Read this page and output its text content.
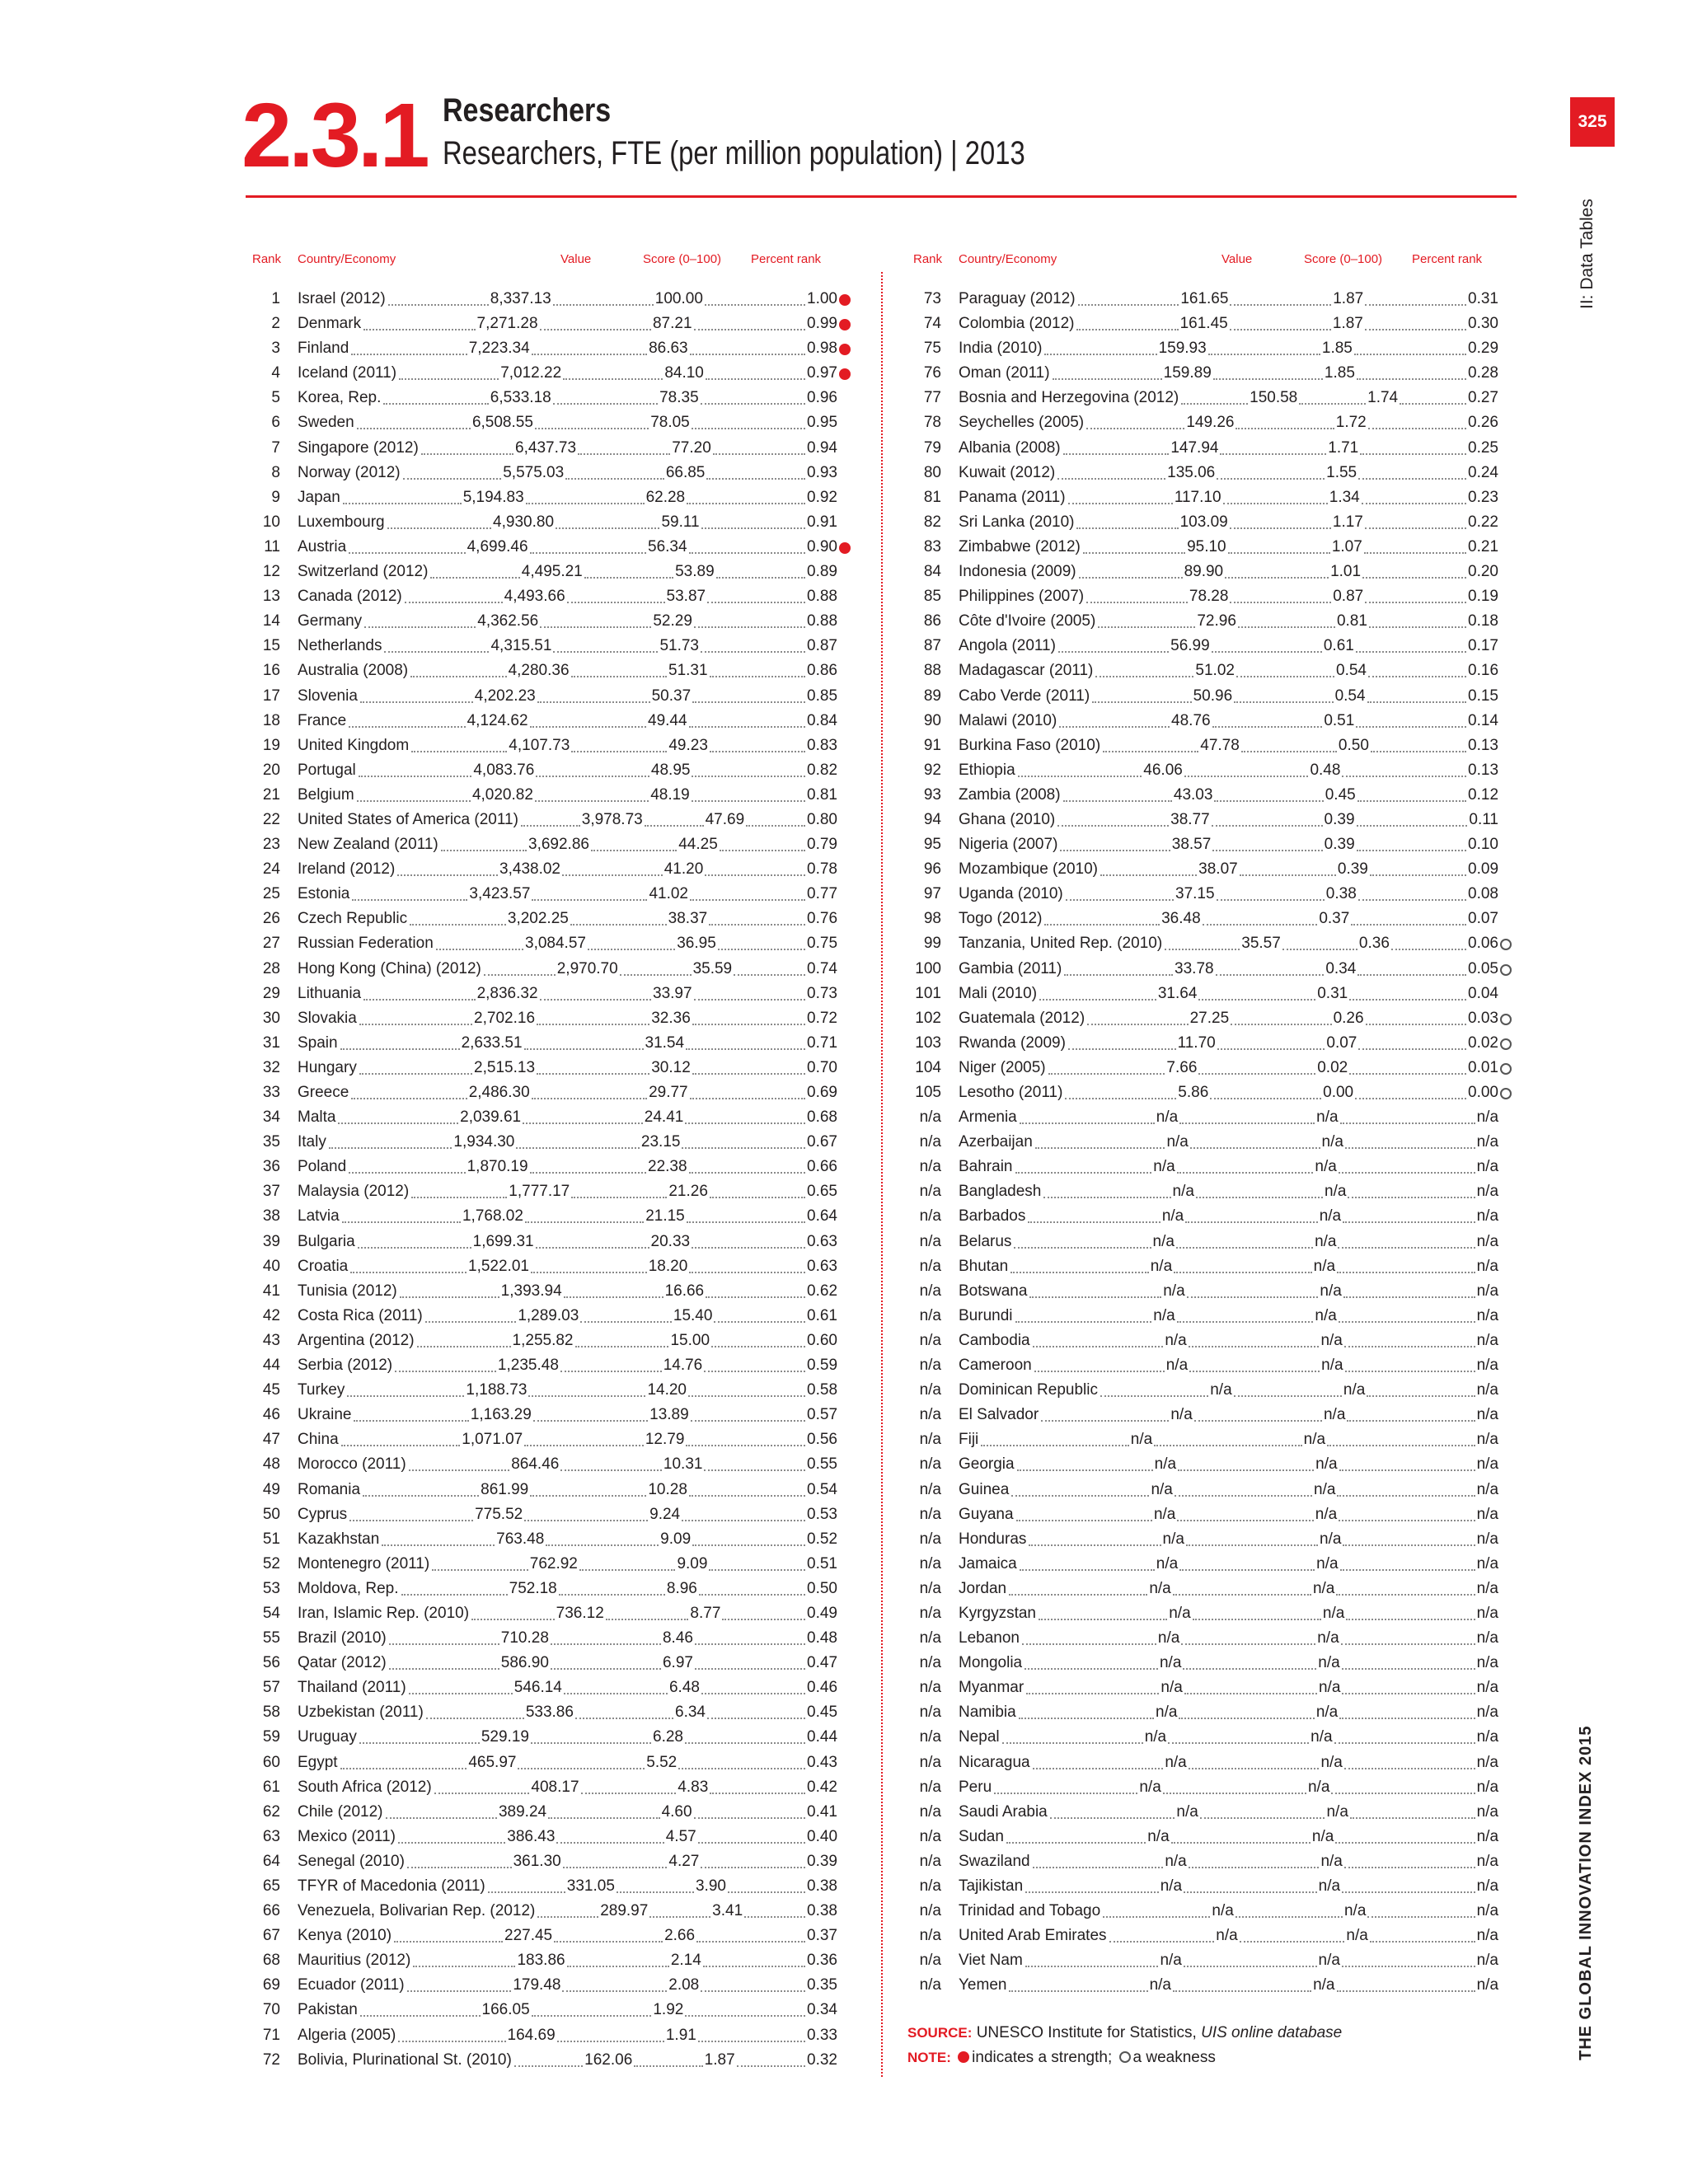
2.3.1 Researchers
Researchers, FTE (per million population) | 2013
325
II: Data Tables
THE GLOBAL INNOVATION INDEX 2015
Rank Country/Economy	Value	Score (0–100) Percent rank
1 Israel (2012)	8,337.13	100.00	1.00
2 Denmark	7,271.28	87.21	0.99
3 Finland	7,223.34	86.63	0.98
4 Iceland (2011)	7,012.22	84.10	0.97
5 Korea, Rep.	6,533.18	78.35	0.96
6 Sweden	6,508.55	78.05	0.95
7 Singapore (2012)	6,437.73	77.20	0.94
8 Norway (2012)	5,575.03	66.85	0.93
9 Japan	5,194.83	62.28	0.92
10 Luxembourg	4,930.80	59.11	0.91
11 Austria	4,699.46	56.34	0.90
12 Switzerland (2012)	4,495.21	53.89	0.89
13 Canada (2012)	4,493.66	53.87	0.88
14 Germany	4,362.56	52.29	0.88
15 Netherlands	4,315.51	51.73	0.87
16 Australia (2008)	4,280.36	51.31	0.86
17 Slovenia	4,202.23	50.37	0.85
18 France	4,124.62	49.44	0.84
19 United Kingdom	4,107.73	49.23	0.83
20 Portugal	4,083.76	48.95	0.82
21 Belgium	4,020.82	48.19	0.81
22 United States of America (2011)	3,978.73	47.69	0.80
23 New Zealand (2011)	3,692.86	44.25	0.79
24 Ireland (2012)	3,438.02	41.20	0.78
25 Estonia	3,423.57	41.02	0.77
26 Czech Republic	3,202.25	38.37	0.76
27 Russian Federation	3,084.57	36.95	0.75
28 Hong Kong (China) (2012)	2,970.70	35.59	0.74
29 Lithuania	2,836.32	33.97	0.73
30 Slovakia	2,702.16	32.36	0.72
31 Spain	2,633.51	31.54	0.71
32 Hungary	2,515.13	30.12	0.70
33 Greece	2,486.30	29.77	0.69
34 Malta	2,039.61	24.41	0.68
35 Italy	1,934.30	23.15	0.67
36 Poland	1,870.19	22.38	0.66
37 Malaysia (2012)	1,777.17	21.26	0.65
38 Latvia	1,768.02	21.15	0.64
39 Bulgaria	1,699.31	20.33	0.63
40 Croatia	1,522.01	18.20	0.63
41 Tunisia (2012)	1,393.94	16.66	0.62
42 Costa Rica (2011)	1,289.03	15.40	0.61
43 Argentina (2012)	1,255.82	15.00	0.60
44 Serbia (2012)	1,235.48	14.76	0.59
45 Turkey	1,188.73	14.20	0.58
46 Ukraine	1,163.29	13.89	0.57
47 China	1,071.07	12.79	0.56
48 Morocco (2011)	864.46	10.31	0.55
49 Romania	861.99	10.28	0.54
50 Cyprus	775.52	9.24	0.53
51 Kazakhstan	763.48	9.09	0.52
52 Montenegro (2011)	762.92	9.09	0.51
53 Moldova, Rep.	752.18	8.96	0.50
54 Iran, Islamic Rep. (2010)	736.12	8.77	0.49
55 Brazil (2010)	710.28	8.46	0.48
56 Qatar (2012)	586.90	6.97	0.47
57 Thailand (2011)	546.14	6.48	0.46
58 Uzbekistan (2011)	533.86	6.34	0.45
59 Uruguay	529.19	6.28	0.44
60 Egypt	465.97	5.52	0.43
61 South Africa (2012)	408.17	4.83	0.42
62 Chile (2012)	389.24	4.60	0.41
63 Mexico (2011)	386.43	4.57	0.40
64 Senegal (2010)	361.30	4.27	0.39
65 TFYR of Macedonia (2011)	331.05	3.90	0.38
66 Venezuela, Bolivarian Rep. (2012)	289.97	3.41	0.38
67 Kenya (2010)	227.45	2.66	0.37
68 Mauritius (2012)	183.86	2.14	0.36
69 Ecuador (2011)	179.48	2.08	0.35
70 Pakistan	166.05	1.92	0.34
71 Algeria (2005)	164.69	1.91	0.33
72 Bolivia, Plurinational St. (2010)	162.06	1.87	0.32
Rank Country/Economy	Value	Score (0–100) Percent rank
73 Paraguay (2012)	161.65	1.87	0.31
74 Colombia (2012)	161.45	1.87	0.30
75 India (2010)	159.93	1.85	0.29
76 Oman (2011)	159.89	1.85	0.28
77 Bosnia and Herzegovina (2012)	150.58	1.74	0.27
78 Seychelles (2005)	149.26	1.72	0.26
79 Albania (2008)	147.94	1.71	0.25
80 Kuwait (2012)	135.06	1.55	0.24
81 Panama (2011)	117.10	1.34	0.23
82 Sri Lanka (2010)	103.09	1.17	0.22
83 Zimbabwe (2012)	95.10	1.07	0.21
84 Indonesia (2009)	89.90	1.01	0.20
85 Philippines (2007)	78.28	0.87	0.19
86 Côte d'Ivoire (2005)	72.96	0.81	0.18
87 Angola (2011)	56.99	0.61	0.17
88 Madagascar (2011)	51.02	0.54	0.16
89 Cabo Verde (2011)	50.96	0.54	0.15
90 Malawi (2010)	48.76	0.51	0.14
91 Burkina Faso (2010)	47.78	0.50	0.13
92 Ethiopia	46.06	0.48	0.13
93 Zambia (2008)	43.03	0.45	0.12
94 Ghana (2010)	38.77	0.39	0.11
95 Nigeria (2007)	38.57	0.39	0.10
96 Mozambique (2010)	38.07	0.39	0.09
97 Uganda (2010)	37.15	0.38	0.08
98 Togo (2012)	36.48	0.37	0.07
99 Tanzania, United Rep. (2010)	35.57	0.36	0.06
100 Gambia (2011)	33.78	0.34	0.05
101 Mali (2010)	31.64	0.31	0.04
102 Guatemala (2012)	27.25	0.26	0.03
103 Rwanda (2009)	11.70	0.07	0.02
104 Niger (2005)	7.66	0.02	0.01
105 Lesotho (2011)	5.86	0.00	0.00
n/a Armenia	n/a	n/a	n/a
n/a Azerbaijan	n/a	n/a	n/a
n/a Bahrain	n/a	n/a	n/a
n/a Bangladesh	n/a	n/a	n/a
n/a Barbados	n/a	n/a	n/a
n/a Belarus	n/a	n/a	n/a
n/a Bhutan	n/a	n/a	n/a
n/a Botswana	n/a	n/a	n/a
n/a Burundi	n/a	n/a	n/a
n/a Cambodia	n/a	n/a	n/a
n/a Cameroon	n/a	n/a	n/a
n/a Dominican Republic	n/a	n/a	n/a
n/a El Salvador	n/a	n/a	n/a
n/a Fiji	n/a	n/a	n/a
n/a Georgia	n/a	n/a	n/a
n/a Guinea	n/a	n/a	n/a
n/a Guyana	n/a	n/a	n/a
n/a Honduras	n/a	n/a	n/a
n/a Jamaica	n/a	n/a	n/a
n/a Jordan	n/a	n/a	n/a
n/a Kyrgyzstan	n/a	n/a	n/a
n/a Lebanon	n/a	n/a	n/a
n/a Mongolia	n/a	n/a	n/a
n/a Myanmar	n/a	n/a	n/a
n/a Namibia	n/a	n/a	n/a
n/a Nepal	n/a	n/a	n/a
n/a Nicaragua	n/a	n/a	n/a
n/a Peru	n/a	n/a	n/a
n/a Saudi Arabia	n/a	n/a	n/a
n/a Sudan	n/a	n/a	n/a
n/a Swaziland	n/a	n/a	n/a
n/a Tajikistan	n/a	n/a	n/a
n/a Trinidad and Tobago	n/a	n/a	n/a
n/a United Arab Emirates	n/a	n/a	n/a
n/a Viet Nam	n/a	n/a	n/a
n/a Yemen	n/a	n/a	n/a
SOURCE: UNESCO Institute for Statistics, UIS online database
NOTE: indicates a strength; a weakness
